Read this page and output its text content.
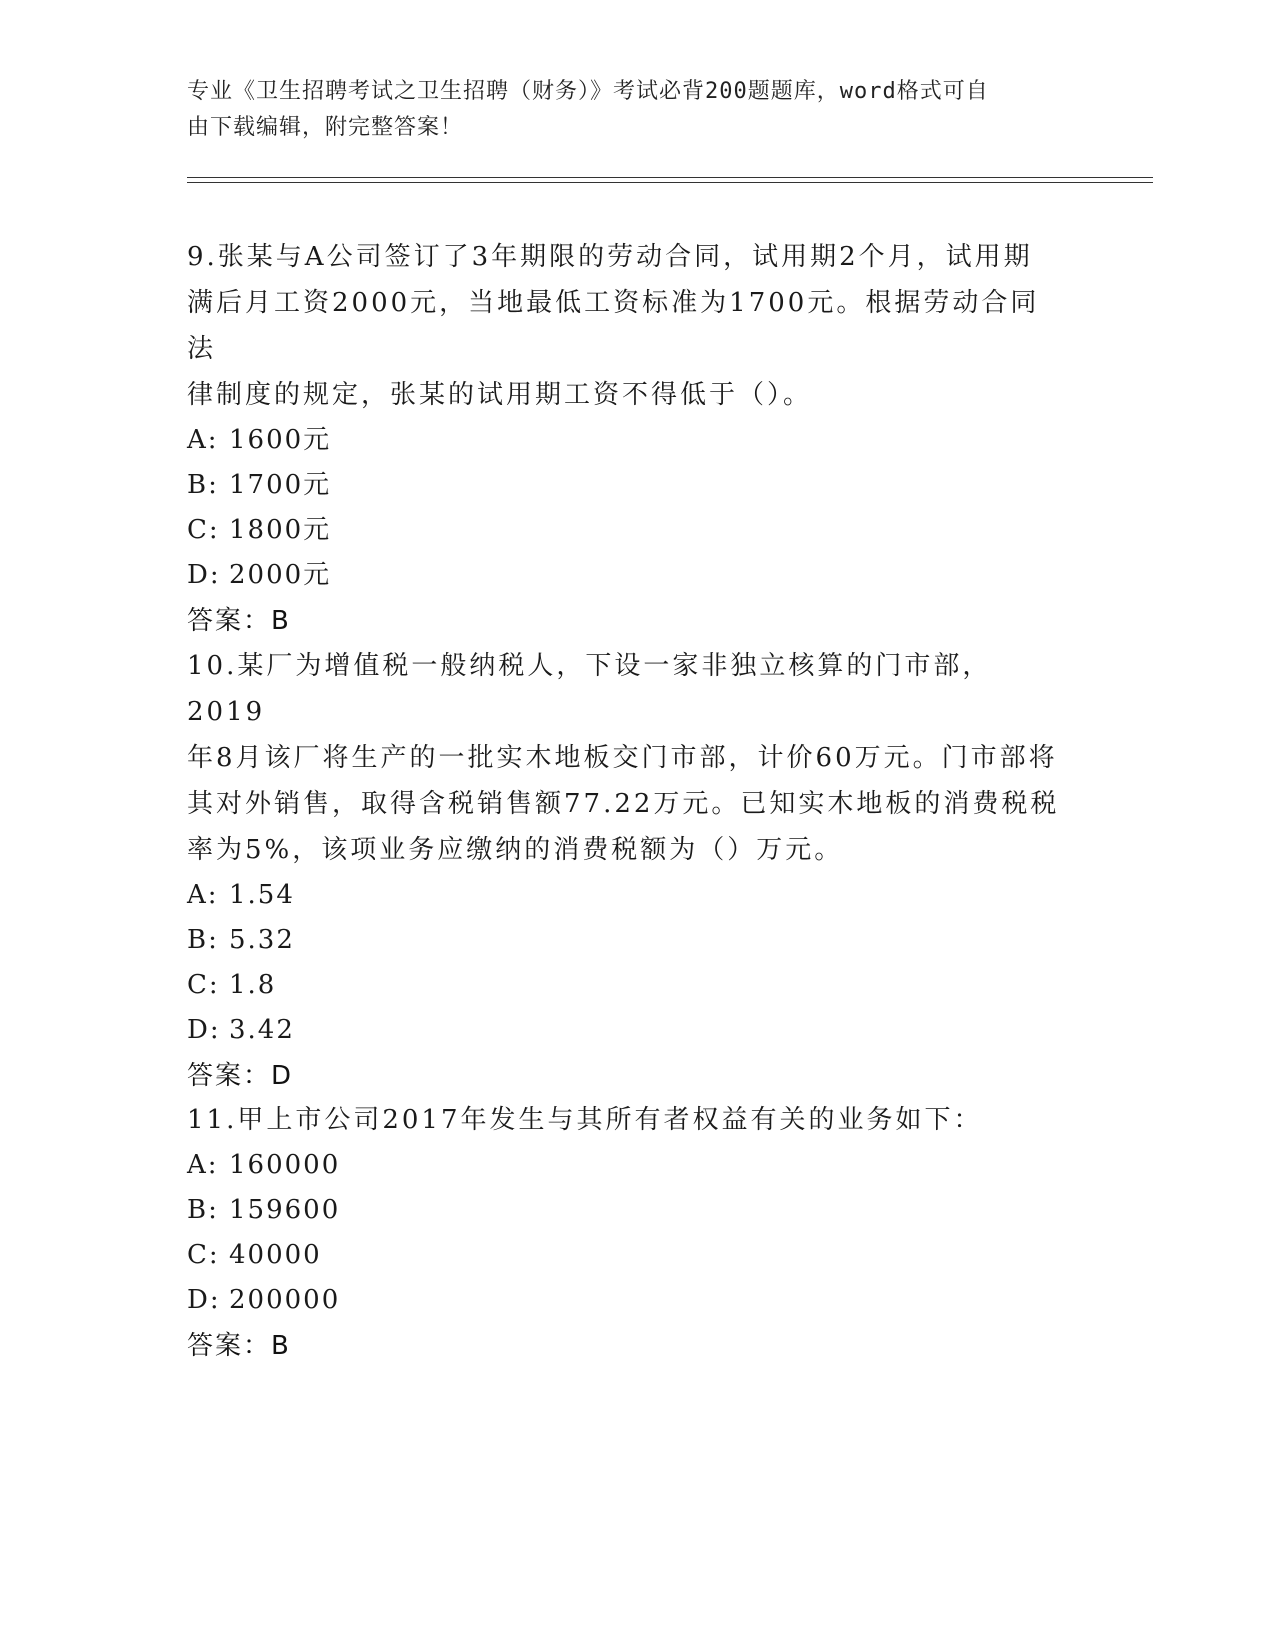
专业《卫生招聘考试之卫生招聘（财务）》考试必背200题题库，word格式可自
由下载编辑，附完整答案！
9.张某与A公司签订了3年期限的劳动合同，试用期2个月，试用期
满后月工资2000元，当地最低工资标准为1700元。根据劳动合同法
律制度的规定，张某的试用期工资不得低于（）。
A: 1600元
B: 1700元
C: 1800元
D: 2000元
答案：B
10.某厂为增值税一般纳税人，下设一家非独立核算的门市部，2019
年8月该厂将生产的一批实木地板交门市部，计价60万元。门市部将
其对外销售，取得含税销售额77.22万元。已知实木地板的消费税税
率为5%，该项业务应缴纳的消费税额为（）万元。
A: 1.54
B: 5.32
C: 1.8
D: 3.42
答案：D
11.甲上市公司2017年发生与其所有者权益有关的业务如下：
A: 160000
B: 159600
C: 40000
D: 200000
答案：B
